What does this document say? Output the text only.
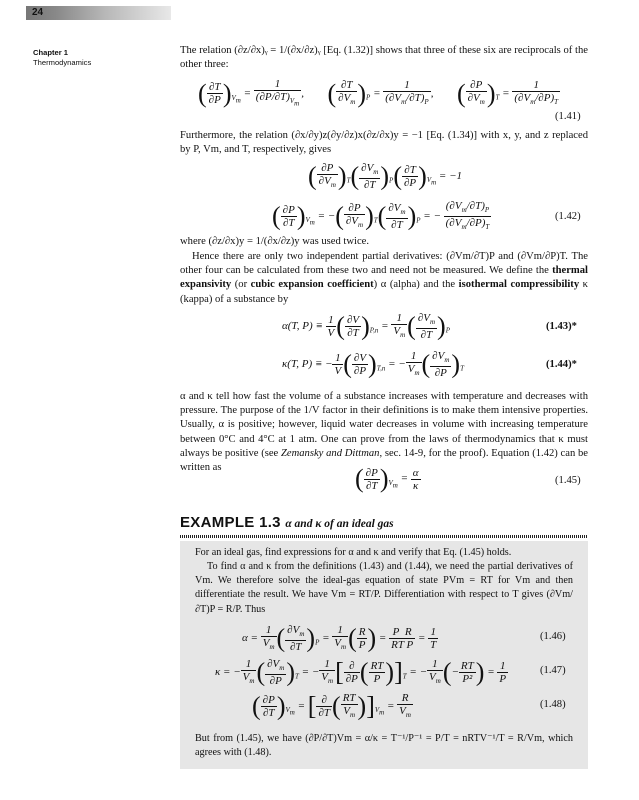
24
Chapter 1
Thermodynamics
The relation (∂z/∂x)ᵧ = 1/(∂x/∂z)ᵧ [Eq. (1.32)] shows that three of these six are reciprocals of the other three:
( $\frac{\partial T}{\partial P} )_{V_m} = \frac{1}{(\partial P/\partial T)_{V_m}}$ ,  ( $\frac{\partial T}{\partial V_m} )_P = \frac{1}{(\partial V_m/\partial T)_P}$ ,  ( $\frac{\partial P}{\partial V_m} )_T = \frac{1}{(\partial V_m/\partial P)_T}$
(1.41)
Furthermore, the relation (∂x/∂y)z(∂y/∂z)x(∂z/∂x)y = −1 [Eq. (1.34)] with x, y, and z replaced by P, Vm, and T, respectively, gives
( $\frac{\partial P}{\partial V_m} )_T( \frac{\partial V_m}{\partial T} )_P( \frac{\partial T}{\partial P} )_{V_m} = -1$
( $\frac{\partial P}{\partial T} )_{V_m}$ = −( $\frac{\partial P}{\partial V_m} )_T( \frac{\partial V_m}{\partial T} )_P$ = − $\frac{(\partial V_m/\partial T)_P}{(\partial V_m/\partial P)_T}$	(1.42)
where (∂z/∂x)y = 1/(∂x/∂z)y was used twice.
Hence there are only two independent partial derivatives: (∂Vm/∂T)P and (∂Vm/∂P)T. The other four can be calculated from these two and need not be measured. We define the thermal expansivity (or cubic expansion coefficient) α (alpha) and the isothermal compressibility κ (kappa) of a substance by
α(T, $P) \equiv \frac{1}{V}$ ( $\frac{\partial V}{\partial T} )_{P,n} = \frac{1}{V_m}$ ( $\frac{\partial V_m}{\partial T} )_P$	(1.43)*
κ(T, P) ≡ − $\frac{1}{V}$ ( $\frac{\partial V}{\partial P} )_{T,n}$ = − $\frac{1}{V_m}$ ( $\frac{\partial V_m}{\partial P} )_T$	(1.44)*
α and κ tell how fast the volume of a substance increases with temperature and decreases with pressure. The purpose of the 1/V factor in their definitions is to make them intensive properties. Usually, α is positive; however, liquid water decreases in volume with increasing temperature between 0°C and 4°C at 1 atm. One can prove from the laws of thermodynamics that κ must always be positive (see Zemansky and Dittman, sec. 14-9, for the proof). Equation (1.42) can be written as	( $\frac{\partial P}{\partial T} )_{V_m} = \frac{\alpha}{\kappa}$	(1.45)
EXAMPLE 1.3 α and κ of an ideal gas
For an ideal gas, find expressions for α and κ and verify that Eq. (1.45) holds.
To find α and κ from the definitions (1.43) and (1.44), we need the partial derivatives of Vm. We therefore solve the ideal-gas equation of state PVm = RT for Vm and then differentiate the result. We have Vm = RT/P. Differentiation with respect to T gives (∂Vm/∂T)P = R/P. Thus
$\alpha = \frac{1}{V_m}$ ( $\frac{\partial V_m}{\partial T} )_P = \frac{1}{V_m}$ ( $\frac{R}{P}$ ) = $\frac{\text{P  R}}{\text{RT P}} = \frac{1}{T}$	(1.46)
κ = − $\frac{1}{V_m}$ ( $\frac{\partial V_m}{\partial P} )_T$ = − $\frac{1}{V_m}$ [ $\frac{\partial}{\partial P}$ ( $\frac{RT}{P} )]_T$ = − $\frac{1}{V_m}$ (− $\frac{RT}{\text{P²}}$ ) = $\frac{1}{P}$	(1.47)
( $\frac{\partial P}{\partial T} )_{V_m}$ = [ $\frac{\partial}{\partial T}$ ( $\frac{RT}{V_m} )]_{V_m} = \frac{R}{V_m}$	(1.48)
But from (1.45), we have (∂P/∂T)Vm = α/κ = T⁻¹/P⁻¹ = P/T = nRTV⁻¹/T = R/Vm, which agrees with (1.48).
